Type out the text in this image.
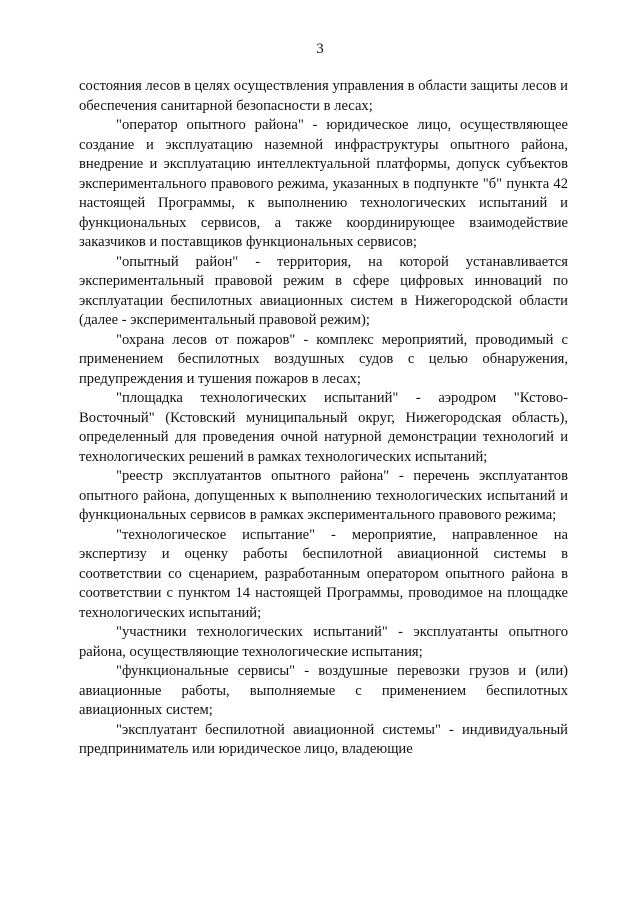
3

состояния лесов в целях осуществления управления в области защиты лесов и обеспечения санитарной безопасности в лесах;

"оператор опытного района" - юридическое лицо, осуществляющее создание и эксплуатацию наземной инфраструктуры опытного района, внедрение и эксплуатацию интеллектуальной платформы, допуск субъектов экспериментального правового режима, указанных в подпункте "б" пункта 42 настоящей Программы, к выполнению технологических испытаний и функциональных сервисов, а также координирующее взаимодействие заказчиков и поставщиков функциональных сервисов;

"опытный район" - территория, на которой устанавливается экспериментальный правовой режим в сфере цифровых инноваций по эксплуатации беспилотных авиационных систем в Нижегородской области (далее - экспериментальный правовой режим);

"охрана лесов от пожаров" - комплекс мероприятий, проводимый с применением беспилотных воздушных судов с целью обнаружения, предупреждения и тушения пожаров в лесах;

"площадка технологических испытаний" - аэродром "Кстово-Восточный" (Кстовский муниципальный округ, Нижегородская область), определенный для проведения очной натурной демонстрации технологий и технологических решений в рамках технологических испытаний;

"реестр эксплуатантов опытного района" - перечень эксплуатантов опытного района, допущенных к выполнению технологических испытаний и функциональных сервисов в рамках экспериментального правового режима;

"технологическое испытание" - мероприятие, направленное на экспертизу и оценку работы беспилотной авиационной системы в соответствии со сценарием, разработанным оператором опытного района в соответствии с пунктом 14 настоящей Программы, проводимое на площадке технологических испытаний;

"участники технологических испытаний" - эксплуатанты опытного района, осуществляющие технологические испытания;

"функциональные сервисы" - воздушные перевозки грузов и (или) авиационные работы, выполняемые с применением беспилотных авиационных систем;

"эксплуатант беспилотной авиационной системы" - индивидуальный предприниматель или юридическое лицо, владеющие
